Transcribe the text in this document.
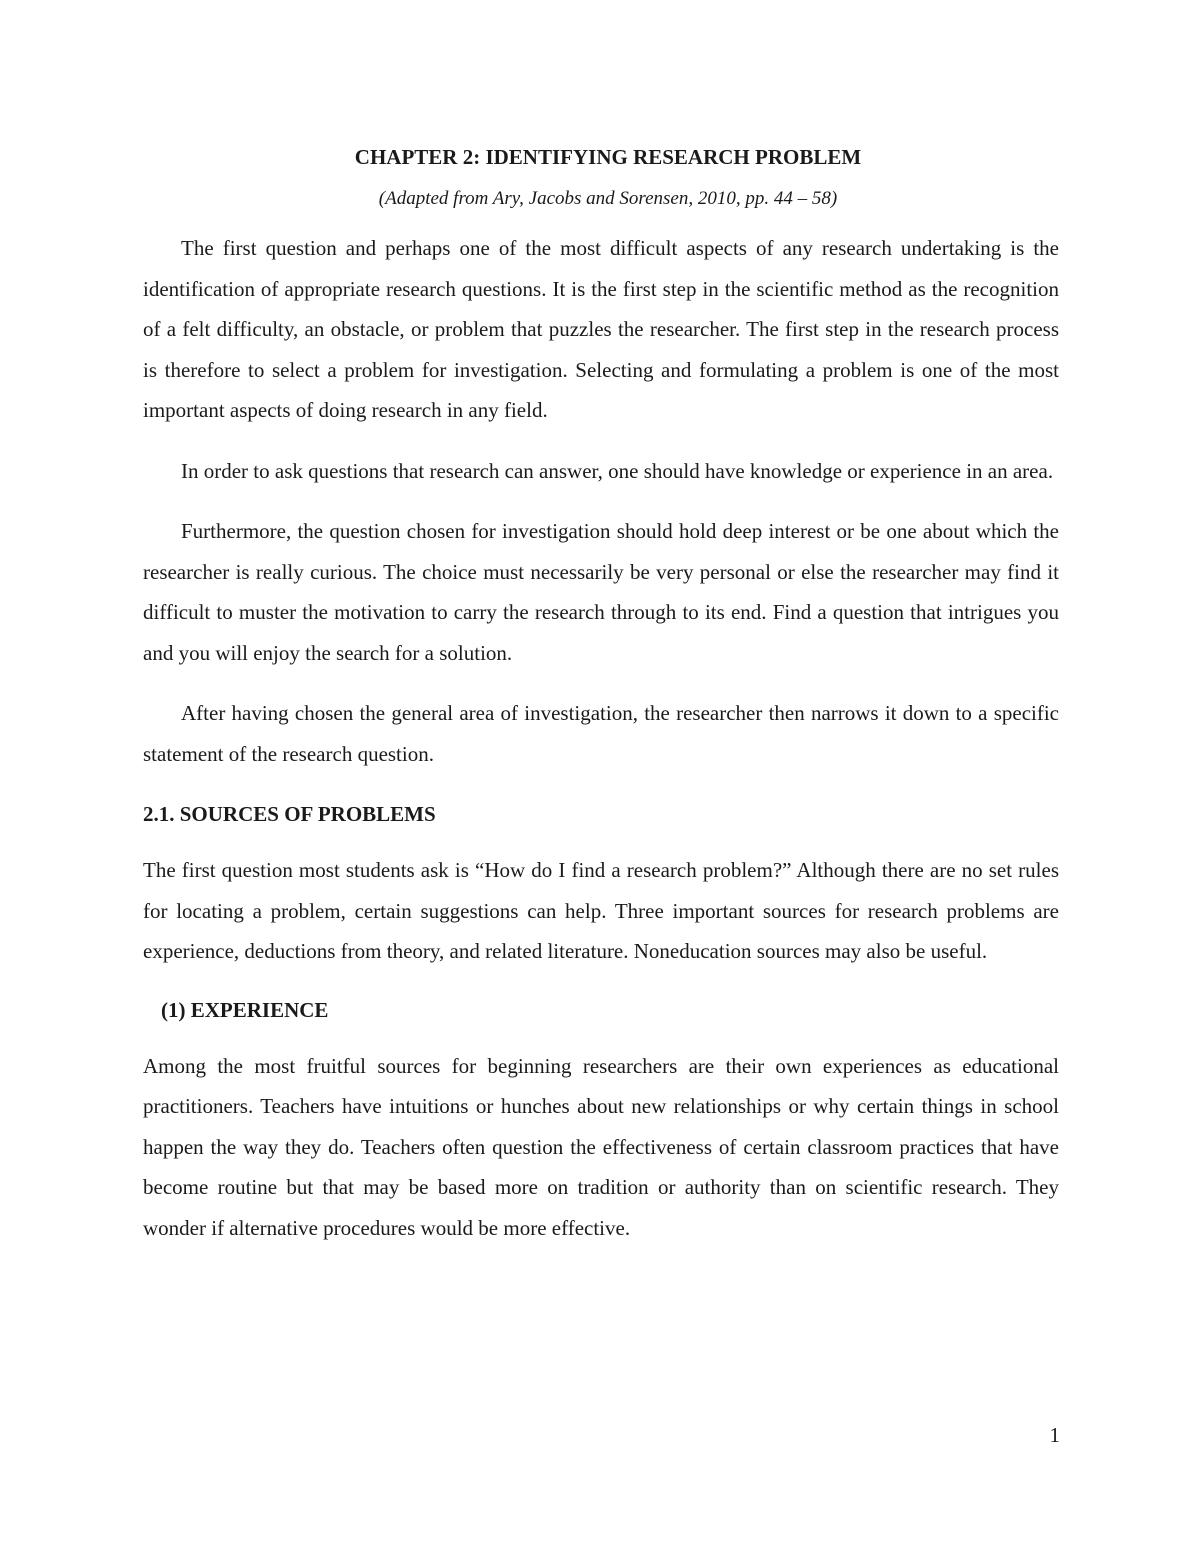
CHAPTER 2: IDENTIFYING RESEARCH PROBLEM
(Adapted from Ary, Jacobs and Sorensen, 2010, pp. 44 – 58)

The first question and perhaps one of the most difficult aspects of any research undertaking is the identification of appropriate research questions. It is the first step in the scientific method as the recognition of a felt difficulty, an obstacle, or problem that puzzles the researcher. The first step in the research process is therefore to select a problem for investigation. Selecting and formulating a problem is one of the most important aspects of doing research in any field.

In order to ask questions that research can answer, one should have knowledge or experience in an area.

Furthermore, the question chosen for investigation should hold deep interest or be one about which the researcher is really curious. The choice must necessarily be very personal or else the researcher may find it difficult to muster the motivation to carry the research through to its end. Find a question that intrigues you and you will enjoy the search for a solution.

After having chosen the general area of investigation, the researcher then narrows it down to a specific statement of the research question.

2.1. SOURCES OF PROBLEMS

The first question most students ask is “How do I find a research problem?” Although there are no set rules for locating a problem, certain suggestions can help. Three important sources for research problems are experience, deductions from theory, and related literature. Noneducation sources may also be useful.

(1) EXPERIENCE

Among the most fruitful sources for beginning researchers are their own experiences as educational practitioners. Teachers have intuitions or hunches about new relationships or why certain things in school happen the way they do. Teachers often question the effectiveness of certain classroom practices that have become routine but that may be based more on tradition or authority than on scientific research. They wonder if alternative procedures would be more effective.

1
